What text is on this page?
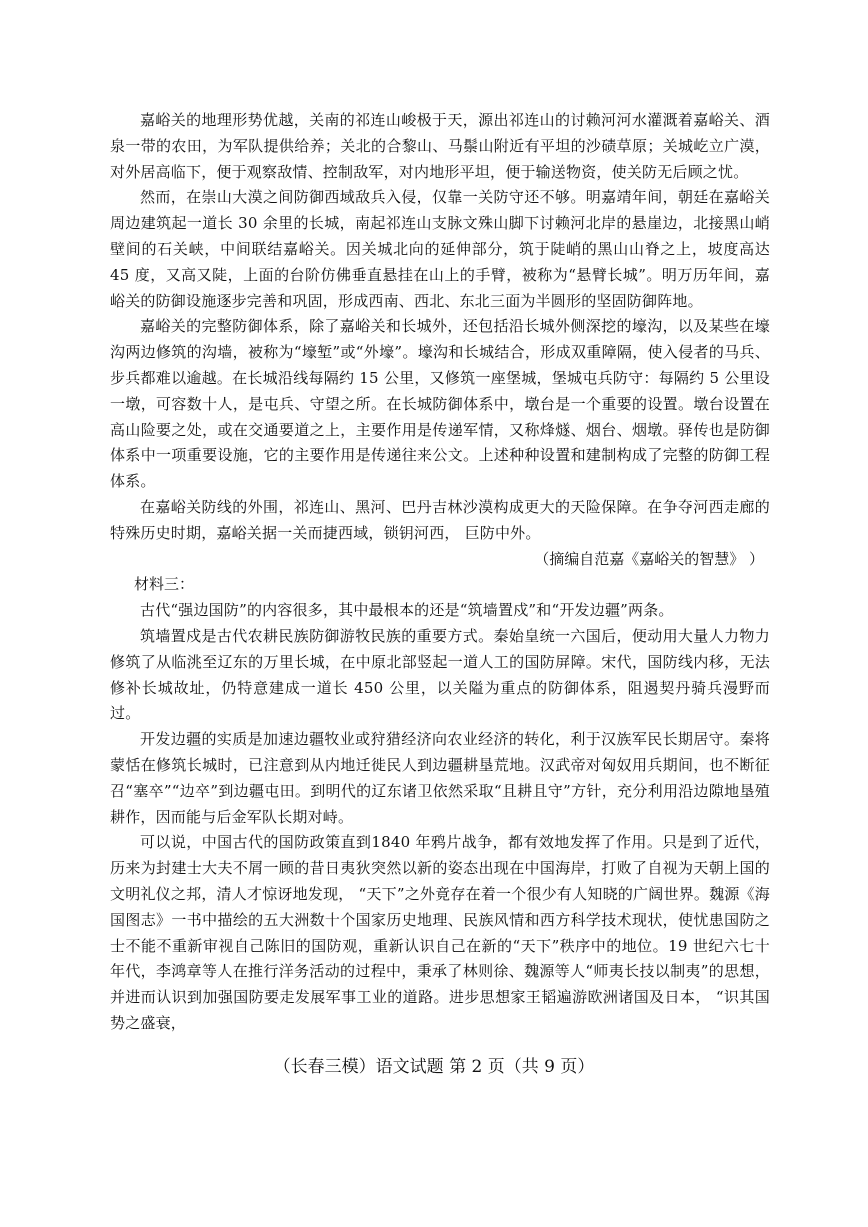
嘉峪关的地理形势优越，关南的祁连山峻极于天，源出祁连山的讨赖河河水灌溉着嘉峪关、酒泉一带的农田，为军队提供给养；关北的合黎山、马鬃山附近有平坦的沙碛草原；关城屹立广漠，对外居高临下，便于观察敌情、控制敌军，对内地形平坦，便于输送物资，使关防无后顾之忧。

然而，在崇山大漠之间防御西域敌兵入侵，仅靠一关防守还不够。明嘉靖年间，朝廷在嘉峪关周边建筑起一道长 30 余里的长城，南起祁连山支脉文殊山脚下讨赖河北岸的悬崖边，北接黑山峭壁间的石关峡，中间联结嘉峪关。因关城北向的延伸部分，筑于陡峭的黑山山脊之上，坡度高达 45 度，又高又陡，上面的台阶仿佛垂直悬挂在山上的手臂，被称为“悬臂长城”。明万历年间，嘉峪关的防御设施逐步完善和巩固，形成西南、西北、东北三面为半圆形的坚固防御阵地。

嘉峪关的完整防御体系，除了嘉峪关和长城外，还包括沿长城外侧深挖的壕沟，以及某些在壕沟两边修筑的沟墙，被称为“壕堑”或“外壕”。壕沟和长城结合，形成双重障隔，使入侵者的马兵、步兵都难以逾越。在长城沿线每隔约 15 公里，又修筑一座堡城，堡城屯兵防守：每隔约 5 公里设一墩，可容数十人，是屯兵、守望之所。在长城防御体系中，墩台是一个重要的设置。墩台设置在高山险要之处，或在交通要道之上，主要作用是传递军情，又称烽燧、烟台、烟墩。驿传也是防御体系中一项重要设施，它的主要作用是传递往来公文。上述种种设置和建制构成了完整的防御工程体系。

在嘉峪关防线的外围，祁连山、黑河、巴丹吉林沙漠构成更大的天险保障。在争夺河西走廊的特殊历史时期，嘉峪关据一关而捷西域，锁钥河西， 巨防中外。

（摘编自范嘉《嘉峪关的智慧》 ）

材料三：

古代“强边国防”的内容很多，其中最根本的还是“筑墙置戍”和“开发边疆”两条。

筑墙置戍是古代农耕民族防御游牧民族的重要方式。秦始皇统一六国后，便动用大量人力物力修筑了从临洮至辽东的万里长城，在中原北部竖起一道人工的国防屏障。宋代，国防线内移，无法修补长城故址，仍特意建成一道长 450 公里，以关隘为重点的防御体系，阻遏契丹骑兵漫野而过。

开发边疆的实质是加速边疆牧业或狩猎经济向农业经济的转化，利于汉族军民长期居守。秦将蒙恬在修筑长城时，已注意到从内地迁徙民人到边疆耕垦荒地。汉武帝对匈奴用兵期间，也不断征召“塞卒”“边卒”到边疆屯田。到明代的辽东诸卫依然采取“且耕且守”方针，充分利用沿边隙地垦殖耕作，因而能与后金军队长期对峙。

可以说，中国古代的国防政策直到1840 年鸦片战争，都有效地发挥了作用。只是到了近代，历来为封建士大夫不屑一顾的昔日夷狄突然以新的姿态出现在中国海岸，打败了自视为天朝上国的文明礼仪之邦，清人才惊讶地发现， “天下”之外竟存在着一个很少有人知晓的广阔世界。魏源《海国图志》一书中描绘的五大洲数十个国家历史地理、民族风情和西方科学技术现状，使忧患国防之士不能不重新审视自己陈旧的国防观，重新认识自己在新的“天下”秩序中的地位。19 世纪六七十年代，李鸿章等人在推行洋务活动的过程中，秉承了林则徐、魏源等人“师夷长技以制夷”的思想，并进而认识到加强国防要走发展军事工业的道路。进步思想家王韬遍游欧洲诸国及日本， “识其国势之盛衰，

（长春三模）语文试题 第 2 页（共 9 页）
